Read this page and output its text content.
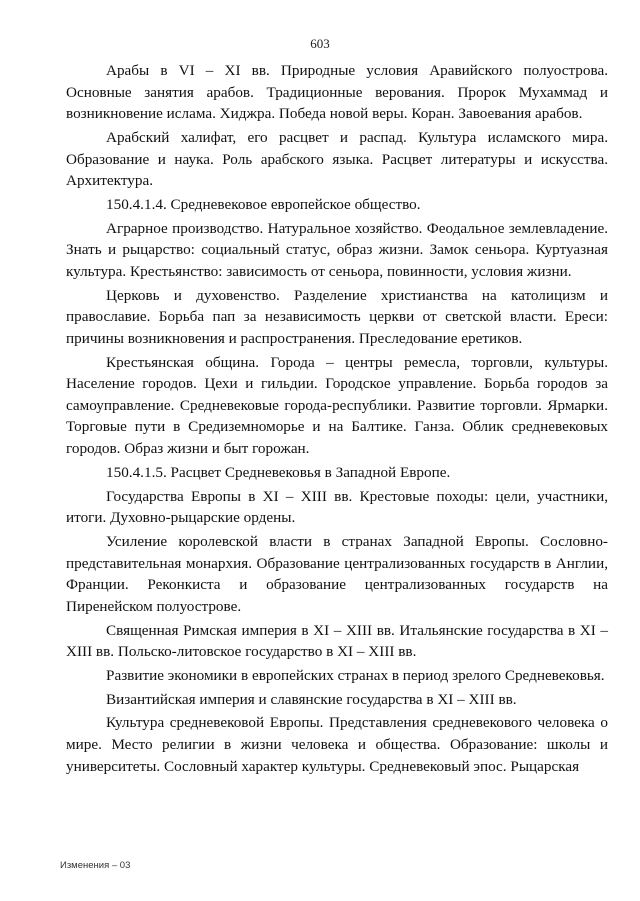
603

Арабы в VI – XI вв. Природные условия Аравийского полуострова. Основные занятия арабов. Традиционные верования. Пророк Мухаммад и возникновение ислама. Хиджра. Победа новой веры. Коран. Завоевания арабов.

Арабский халифат, его расцвет и распад. Культура исламского мира. Образование и наука. Роль арабского языка. Расцвет литературы и искусства. Архитектура.

150.4.1.4. Средневековое европейское общество.

Аграрное производство. Натуральное хозяйство. Феодальное землевладение. Знать и рыцарство: социальный статус, образ жизни. Замок сеньора. Куртуазная культура. Крестьянство: зависимость от сеньора, повинности, условия жизни.

Церковь и духовенство. Разделение христианства на католицизм и православие. Борьба пап за независимость церкви от светской власти. Ереси: причины возникновения и распространения. Преследование еретиков.

Крестьянская община. Города – центры ремесла, торговли, культуры. Население городов. Цехи и гильдии. Городское управление. Борьба городов за самоуправление. Средневековые города-республики. Развитие торговли. Ярмарки. Торговые пути в Средиземноморье и на Балтике. Ганза. Облик средневековых городов. Образ жизни и быт горожан.

150.4.1.5. Расцвет Средневековья в Западной Европе.

Государства Европы в XI – XIII вв. Крестовые походы: цели, участники, итоги. Духовно-рыцарские ордены.

Усиление королевской власти в странах Западной Европы. Сословно-представительная монархия. Образование централизованных государств в Англии, Франции. Реконкиста и образование централизованных государств на Пиренейском полуострове.

Священная Римская империя в XI – XIII вв. Итальянские государства в XI – XIII вв. Польско-литовское государство в XI – XIII вв.

Развитие экономики в европейских странах в период зрелого Средневековья.

Византийская империя и славянские государства в XI – XIII вв.

Культура средневековой Европы. Представления средневекового человека о мире. Место религии в жизни человека и общества. Образование: школы и университеты. Сословный характер культуры. Средневековый эпос. Рыцарская

Изменения – 03
